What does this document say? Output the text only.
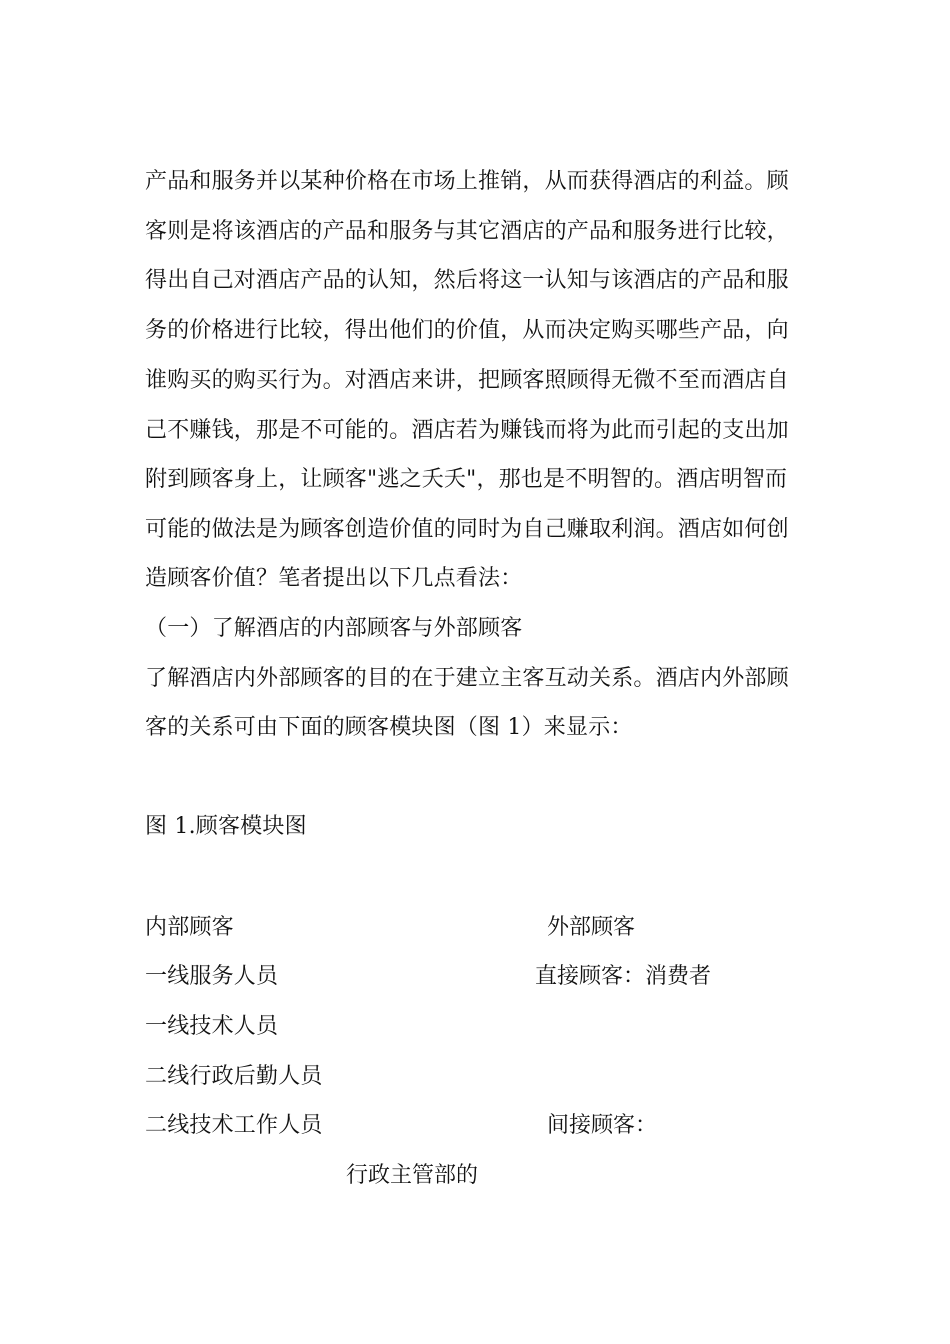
产品和服务并以某种价格在市场上推销，从而获得酒店的利益。顾
客则是将该酒店的产品和服务与其它酒店的产品和服务进行比较，
得出自己对酒店产品的认知，然后将这一认知与该酒店的产品和服
务的价格进行比较，得出他们的价值，从而决定购买哪些产品，向
谁购买的购买行为。对酒店来讲，把顾客照顾得无微不至而酒店自
己不赚钱，那是不可能的。酒店若为赚钱而将为此而引起的支出加
附到顾客身上，让顾客"逃之夭夭"，那也是不明智的。酒店明智而
可能的做法是为顾客创造价值的同时为自己赚取利润。酒店如何创
造顾客价值？笔者提出以下几点看法：
（一）了解酒店的内部顾客与外部顾客
了解酒店内外部顾客的目的在于建立主客互动关系。酒店内外部顾
客的关系可由下面的顾客模块图（图 1）来显示：
图 1.顾客模块图
内部顾客	外部顾客
一线服务人员	直接顾客：消费者
一线技术人员
二线行政后勤人员
二线技术工作人员	间接顾客：
行政主管部的
